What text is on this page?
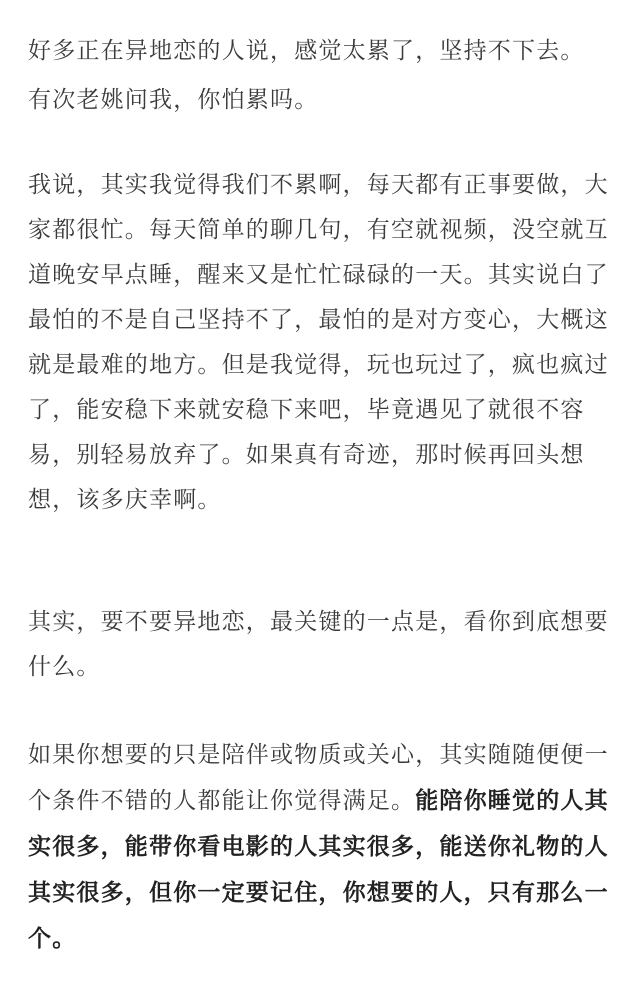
好多正在异地恋的人说，感觉太累了，坚持不下去。
有次老姚问我，你怕累吗。
我说，其实我觉得我们不累啊，每天都有正事要做，大
家都很忙。每天简单的聊几句，有空就视频，没空就互
道晚安早点睡，醒来又是忙忙碌碌的一天。其实说白了
最怕的不是自己坚持不了，最怕的是对方变心，大概这
就是最难的地方。但是我觉得，玩也玩过了，疯也疯过
了，能安稳下来就安稳下来吧，毕竟遇见了就很不容
易，别轻易放弃了。如果真有奇迹，那时候再回头想
想，该多庆幸啊。
其实，要不要异地恋，最关键的一点是，看你到底想要
什么。
如果你想要的只是陪伴或物质或关心，其实随随便便一
个条件不错的人都能让你觉得满足。能陪你睡觉的人其
实很多，能带你看电影的人其实很多，能送你礼物的人
其实很多，但你一定要记住，你想要的人，只有那么一
个。
